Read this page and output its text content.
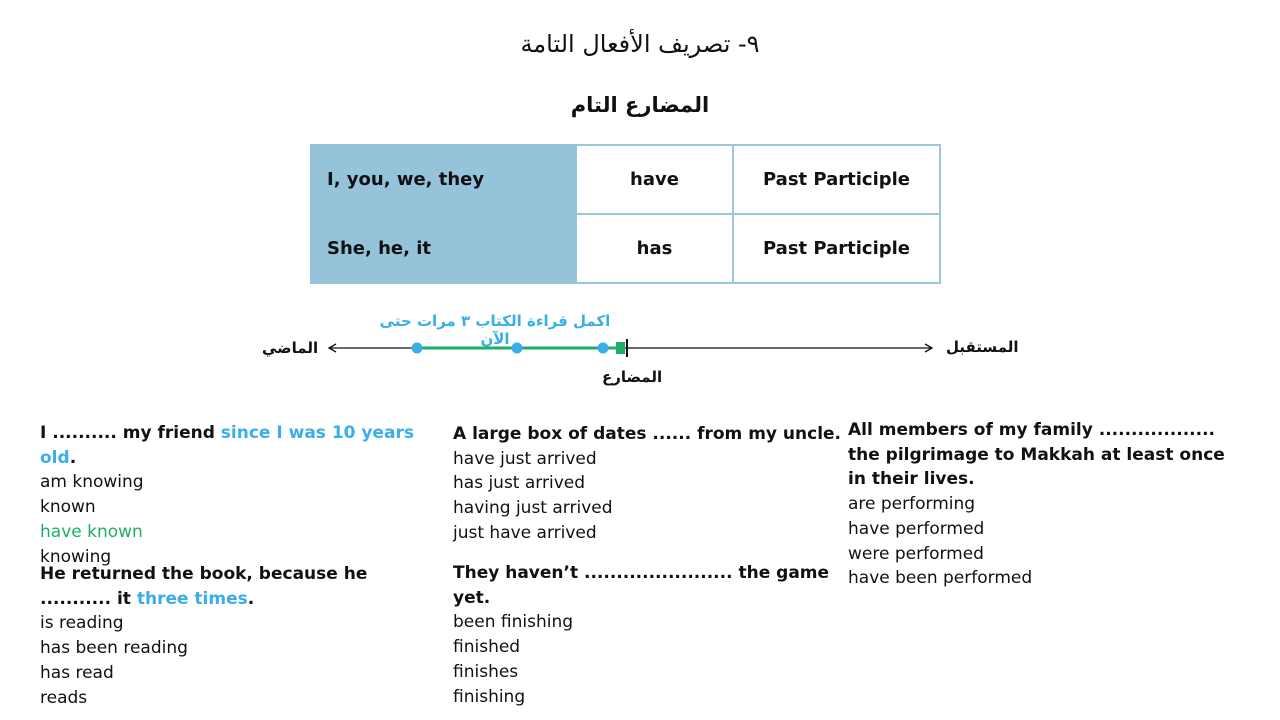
٩- تصريف الأفعال التامة
المضارع التام
I, you, we, they	have	Past Participle
She, he, it	has	Past Participle
اكمل قراءة الكتاب ٣ مرات حتى الآن
الماضي	المستقبل
المضارع
I .......... my friend since I was 10 years old.
am knowing
known
have known
knowing
He returned the book, because he ........... it three times.
is reading
has been reading
has read
reads
A large box of dates ...... from my uncle.
have just arrived
has just arrived
having just arrived
just have arrived
They haven’t ....................... the game yet.
been finishing
finished
finishes
finishing
All members of my family .................. the pilgrimage to Makkah at least once in their lives.
are performing
have performed
were performed
have been performed
